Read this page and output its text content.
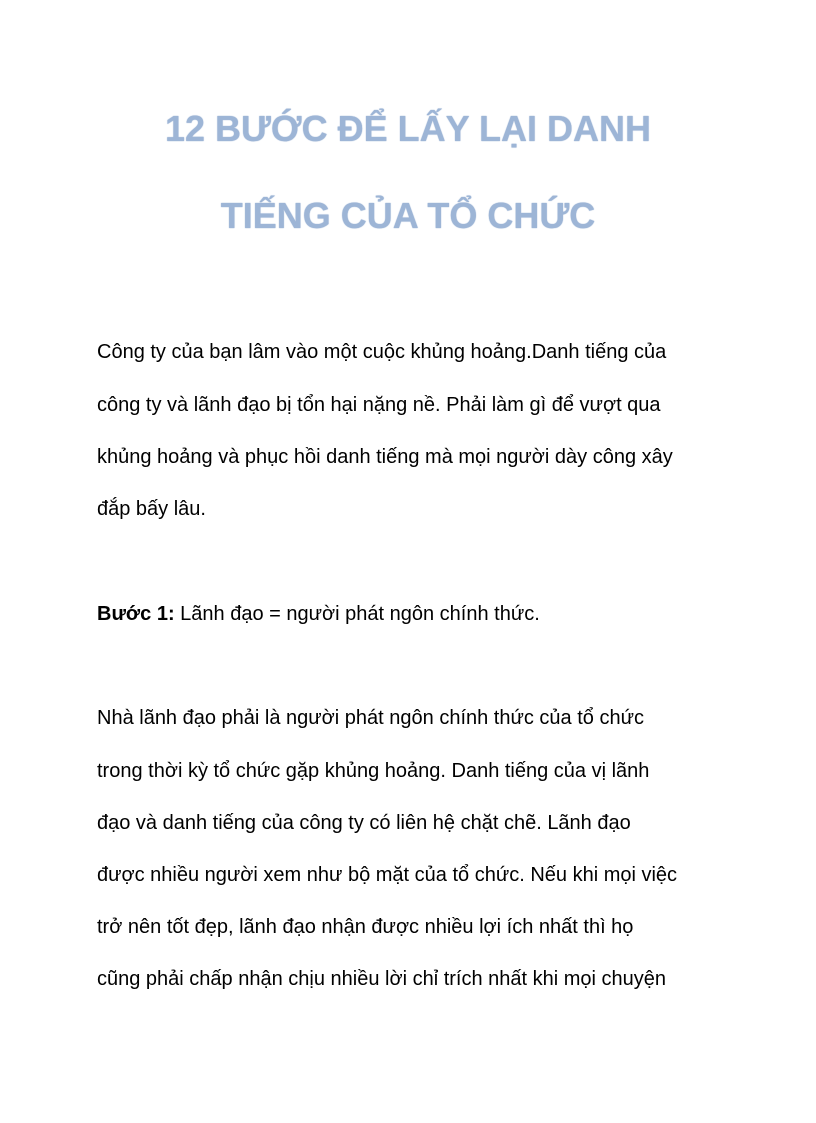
12 BƯỚC ĐỂ LẤY LẠI DANH
TIẾNG CỦA TỔ CHỨC
Công ty của bạn lâm vào một cuộc khủng hoảng.Danh tiếng của
công ty và lãnh đạo bị tổn hại nặng nề. Phải làm gì để vượt qua
khủng hoảng và phục hồi danh tiếng mà mọi người dày công xây
đắp bấy lâu.
Bước 1: Lãnh đạo = người phát ngôn chính thức.
Nhà lãnh đạo phải là người phát ngôn chính thức của tổ chức
trong thời kỳ tổ chức gặp khủng hoảng. Danh tiếng của vị lãnh
đạo và danh tiếng của công ty có liên hệ chặt chẽ. Lãnh đạo
được nhiều người xem như bộ mặt của tổ chức. Nếu khi mọi việc
trở nên tốt đẹp, lãnh đạo nhận được nhiều lợi ích nhất thì họ
cũng phải chấp nhận chịu nhiều lời chỉ trích nhất khi mọi chuyện
